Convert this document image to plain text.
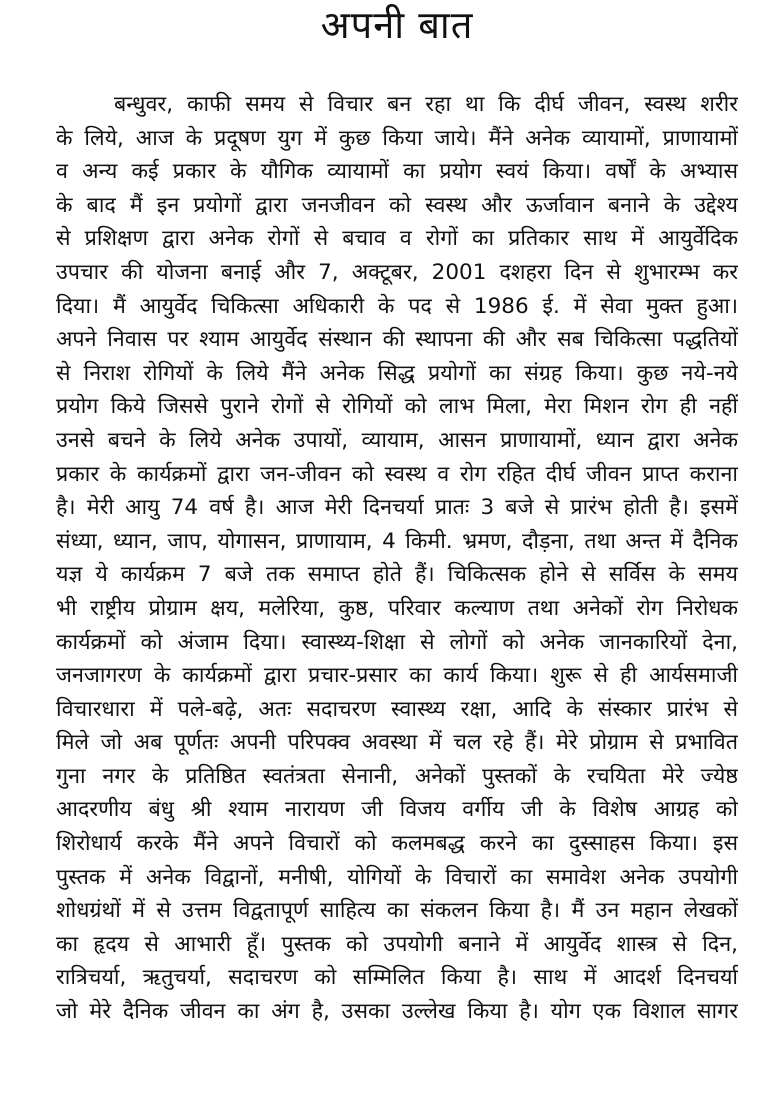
अपनी बात
बन्धुवर, काफी समय से विचार बन रहा था कि दीर्घ जीवन, स्वस्थ शरीर
के लिये, आज के प्रदूषण युग में कुछ किया जाये। मैंने अनेक व्यायामों, प्राणायामों
व अन्य कई प्रकार के यौगिक व्यायामों का प्रयोग स्वयं किया। वर्षों के अभ्यास
के बाद मैं इन प्रयोगों द्वारा जनजीवन को स्वस्थ और ऊर्जावान बनाने के उद्देश्य
से प्रशिक्षण द्वारा अनेक रोगों से बचाव व रोगों का प्रतिकार साथ में आयुर्वेदिक
उपचार की योजना बनाई और 7, अक्टूबर, 2001 दशहरा दिन से शुभारम्भ कर
दिया। मैं आयुर्वेद चिकित्सा अधिकारी के पद से 1986 ई. में सेवा मुक्त हुआ।
अपने निवास पर श्याम आयुर्वेद संस्थान की स्थापना की और सब चिकित्सा पद्धतियों
से निराश रोगियों के लिये मैंने अनेक सिद्ध प्रयोगों का संग्रह किया। कुछ नये-नये
प्रयोग किये जिससे पुराने रोगों से रोगियों को लाभ मिला, मेरा मिशन रोग ही नहीं
उनसे बचने के लिये अनेक उपायों, व्यायाम, आसन प्राणायामों, ध्यान द्वारा अनेक
प्रकार के कार्यक्रमों द्वारा जन-जीवन को स्वस्थ व रोग रहित दीर्घ जीवन प्राप्त कराना
है। मेरी आयु 74 वर्ष है। आज मेरी दिनचर्या प्रातः 3 बजे से प्रारंभ होती है। इसमें
संध्या, ध्यान, जाप, योगासन, प्राणायाम, 4 किमी. भ्रमण, दौड़ना, तथा अन्त में दैनिक
यज्ञ ये कार्यक्रम 7 बजे तक समाप्त होते हैं। चिकित्सक होने से सर्विस के समय
भी राष्ट्रीय प्रोग्राम क्षय, मलेरिया, कुष्ठ, परिवार कल्याण तथा अनेकों रोग निरोधक
कार्यक्रमों को अंजाम दिया। स्वास्थ्य-शिक्षा से लोगों को अनेक जानकारियों देना,
जनजागरण के कार्यक्रमों द्वारा प्रचार-प्रसार का कार्य किया। शुरू से ही आर्यसमाजी
विचारधारा में पले-बढ़े, अतः सदाचरण स्वास्थ्य रक्षा, आदि के संस्कार प्रारंभ से
मिले जो अब पूर्णतः अपनी परिपक्व अवस्था में चल रहे हैं। मेरे प्रोग्राम से प्रभावित
गुना नगर के प्रतिष्ठित स्वतंत्रता सेनानी, अनेकों पुस्तकों के रचयिता मेरे ज्येष्ठ
आदरणीय बंधु श्री श्याम नारायण जी विजय वर्गीय जी के विशेष आग्रह को
शिरोधार्य करके मैंने अपने विचारों को कलमबद्ध करने का दुस्साहस किया। इस
पुस्तक में अनेक विद्वानों, मनीषी, योगियों के विचारों का समावेश अनेक उपयोगी
शोधग्रंथों में से उत्तम विद्वतापूर्ण साहित्य का संकलन किया है। मैं उन महान लेखकों
का हृदय से आभारी हूँ। पुस्तक को उपयोगी बनाने में आयुर्वेद शास्त्र से दिन,
रात्रिचर्या, ऋतुचर्या, सदाचरण को सम्मिलित किया है। साथ में आदर्श दिनचर्या
जो मेरे दैनिक जीवन का अंग है, उसका उल्लेख किया है। योग एक विशाल सागर
